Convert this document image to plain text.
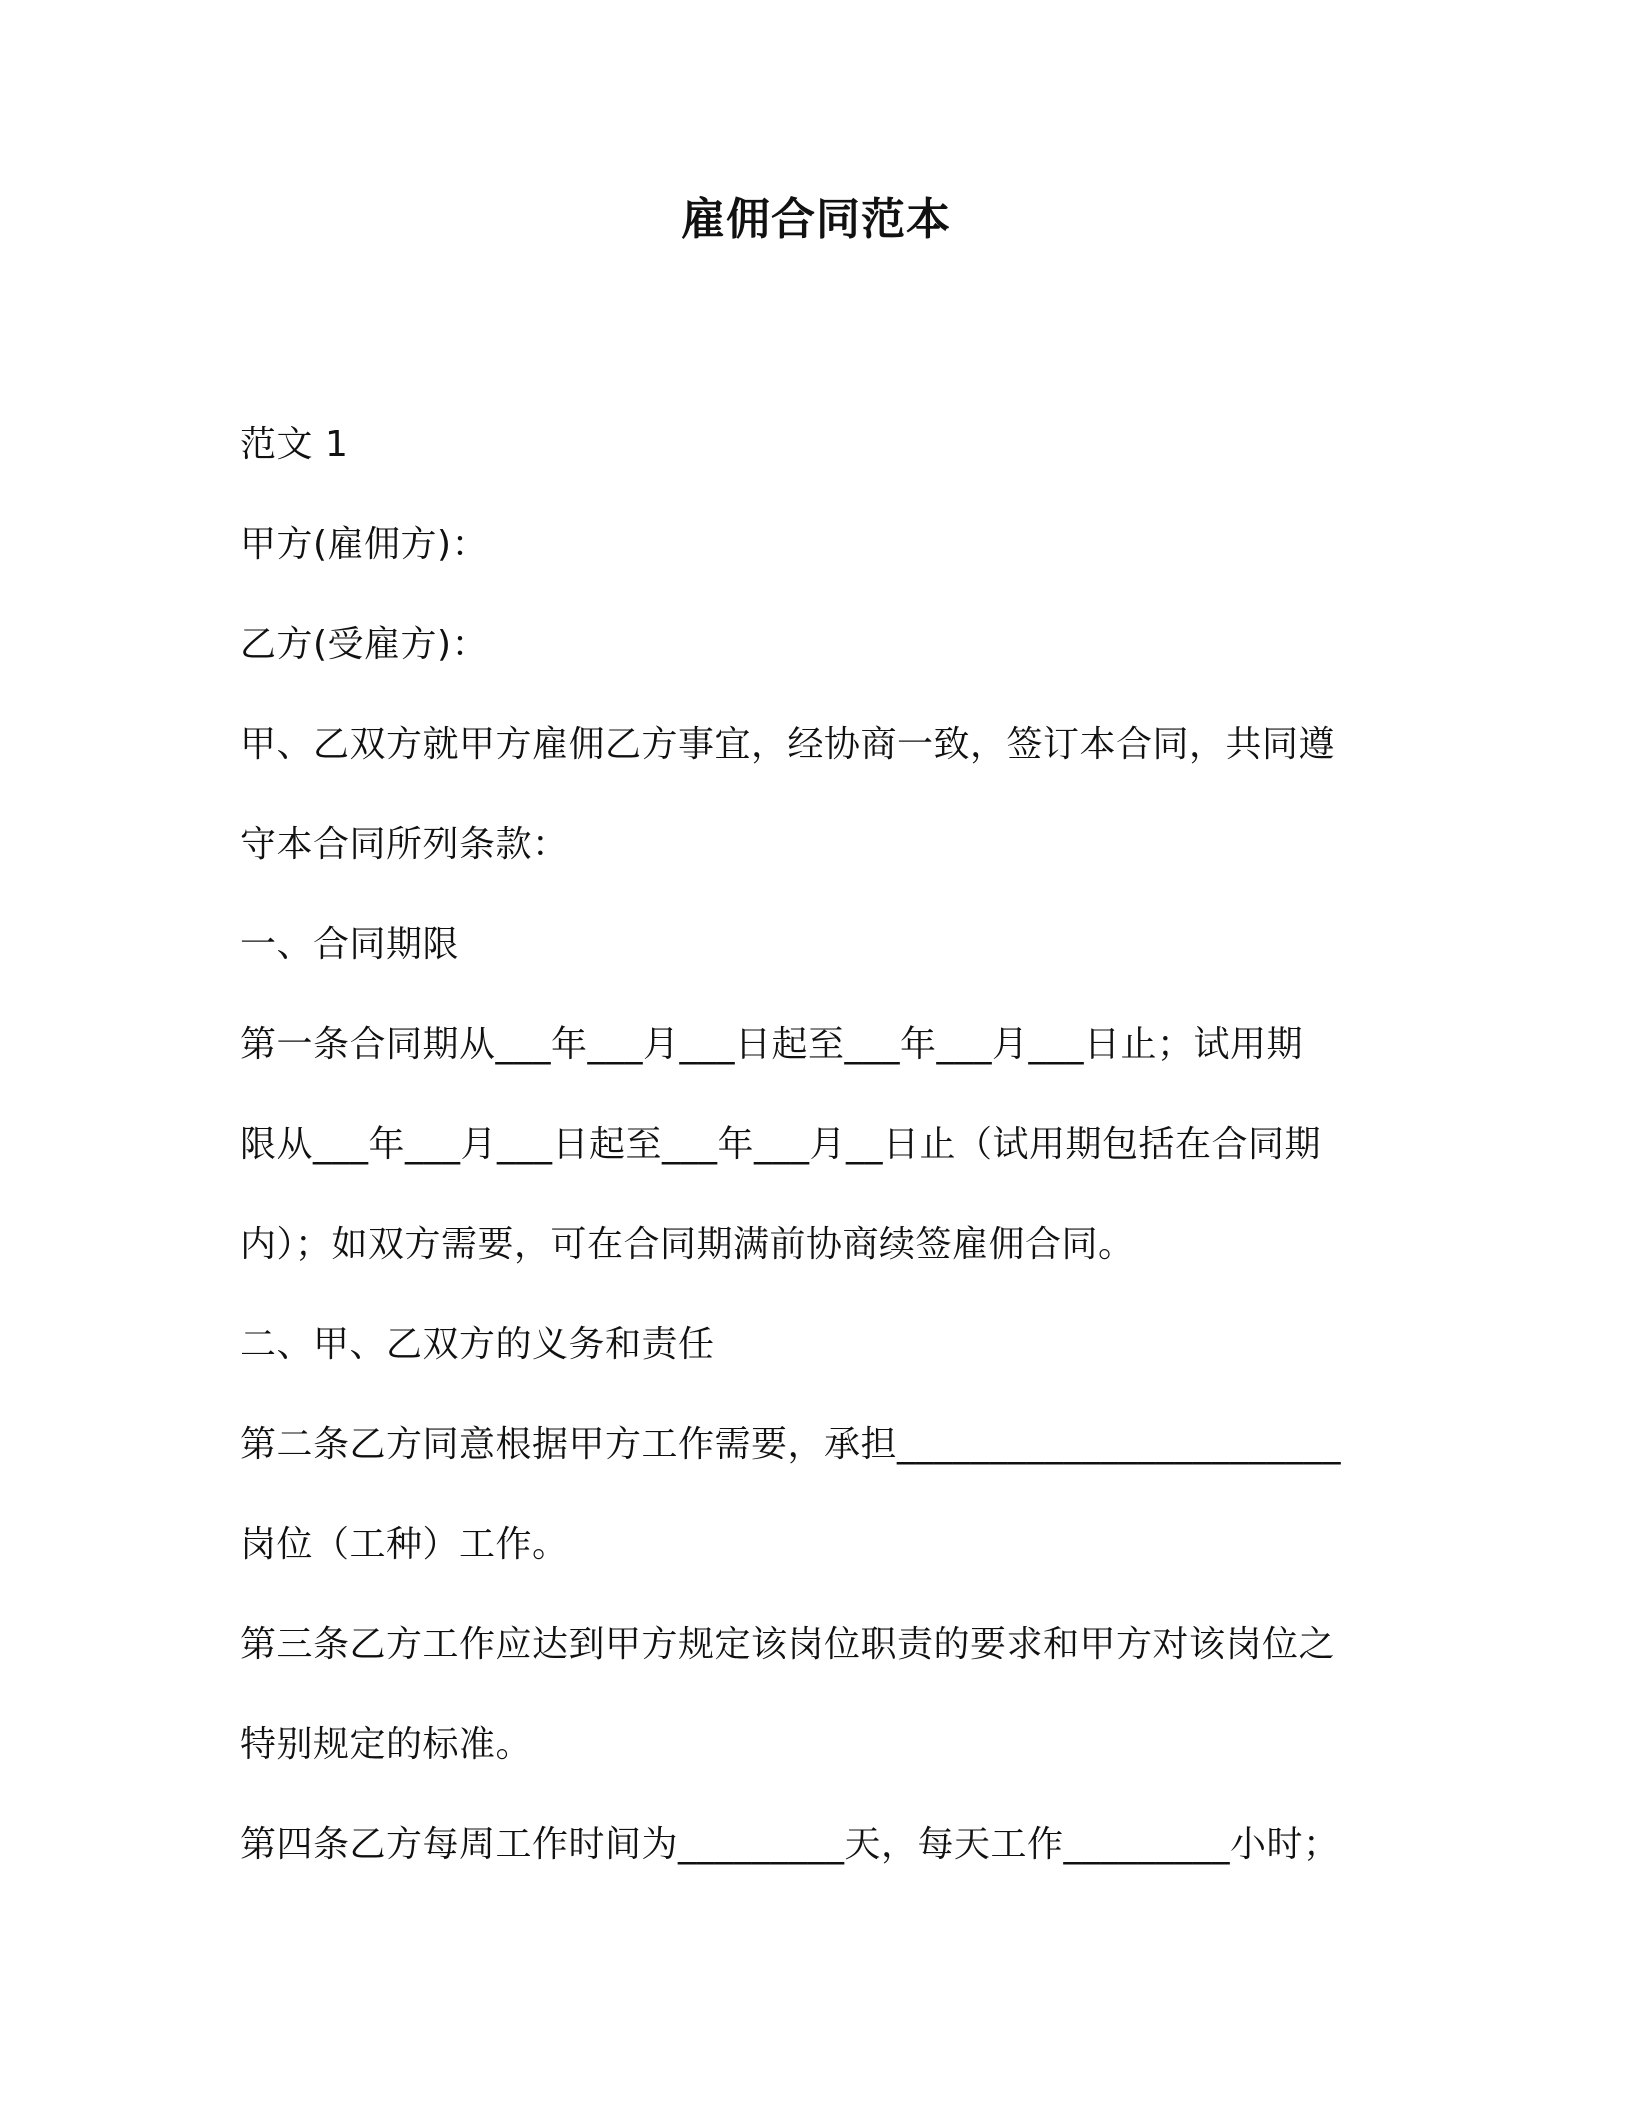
雇佣合同范本
范文 1
甲方(雇佣方)：
乙方(受雇方)：
甲、乙双方就甲方雇佣乙方事宜，经协商一致，签订本合同，共同遵
守本合同所列条款：
一、合同期限
第一条合同期从___年___月___日起至___年___月___日止；试用期
限从___年___月___日起至___年___月__日止（试用期包括在合同期
内）；如双方需要，可在合同期满前协商续签雇佣合同。
二、甲、乙双方的义务和责任
第二条乙方同意根据甲方工作需要，承担________________________
岗位（工种）工作。
第三条乙方工作应达到甲方规定该岗位职责的要求和甲方对该岗位之
特别规定的标准。
第四条乙方每周工作时间为_________天，每天工作_________小时；
